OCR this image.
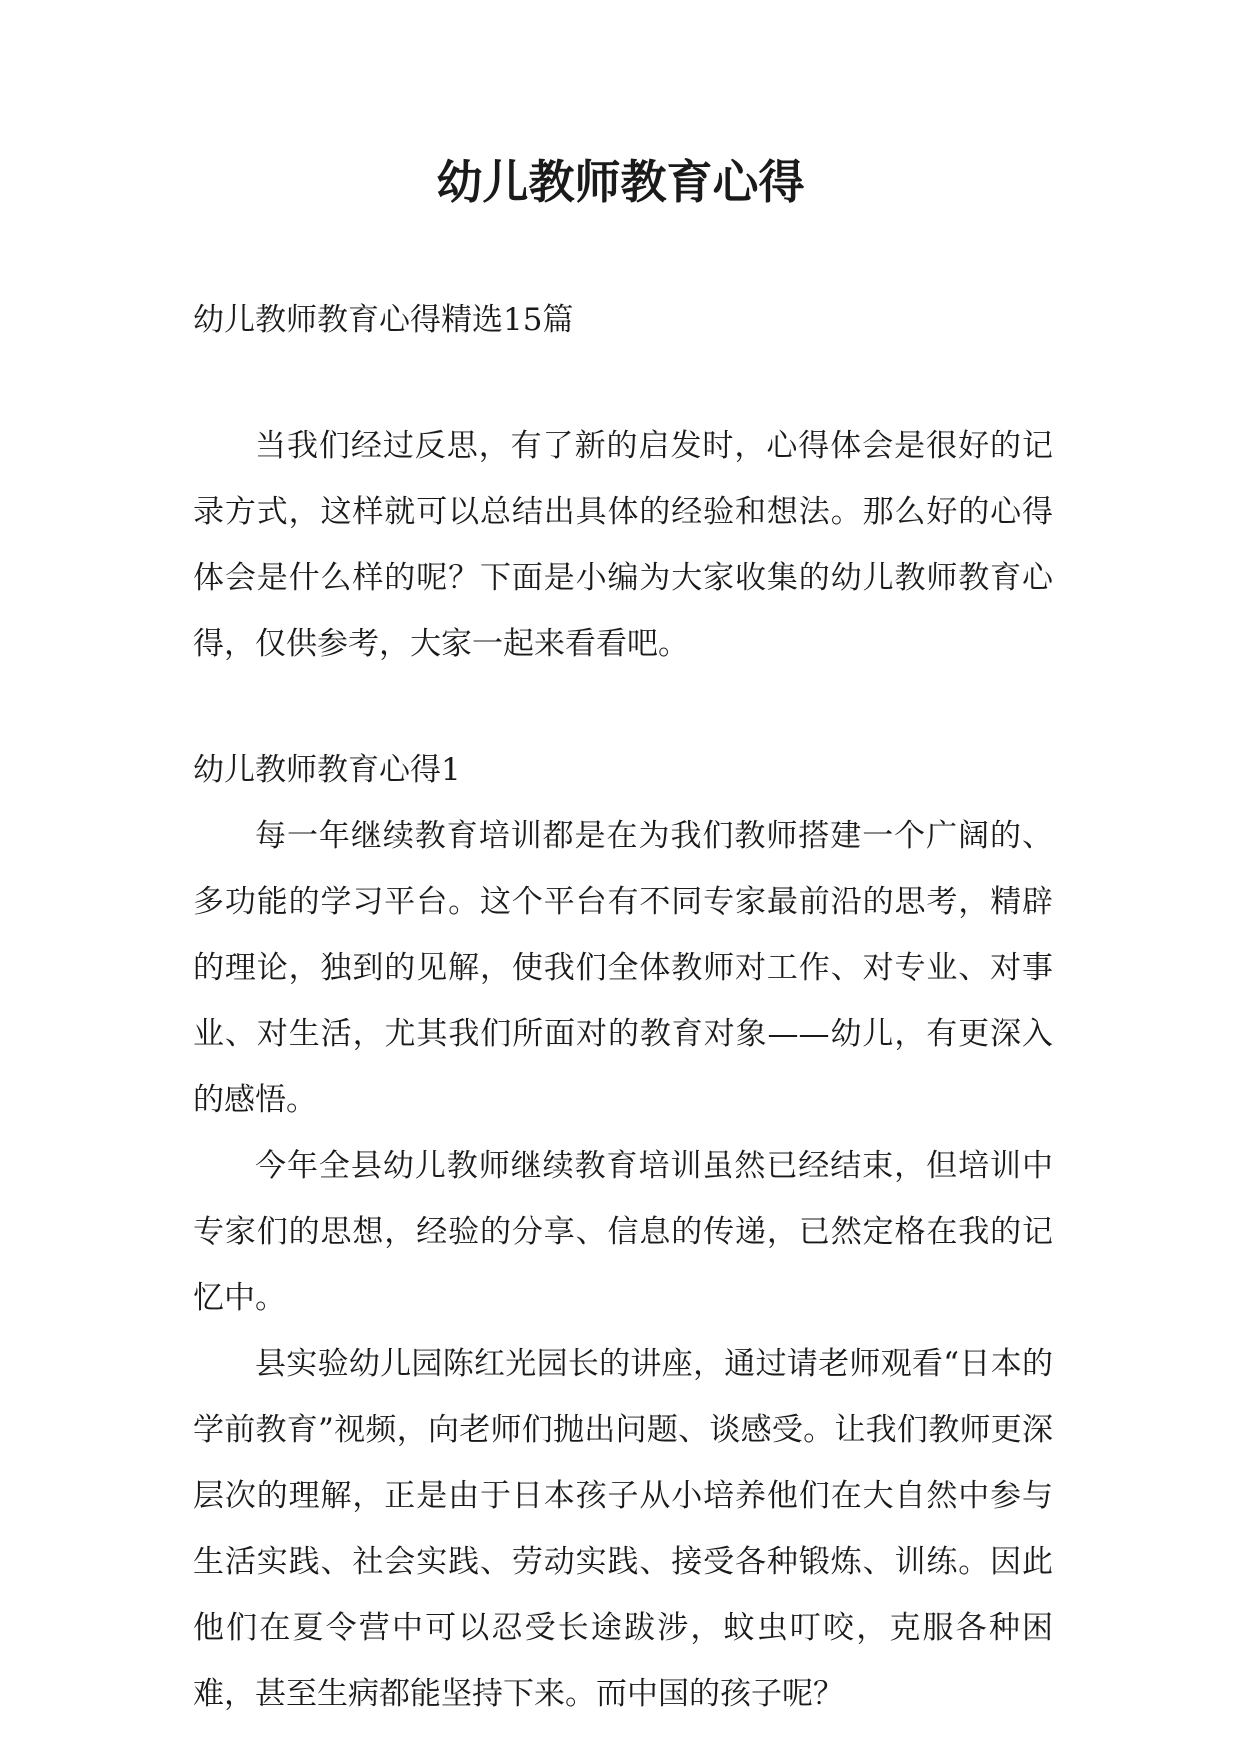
幼儿教师教育心得

幼儿教师教育心得精选15篇

当我们经过反思，有了新的启发时，心得体会是很好的记录方式，这样就可以总结出具体的经验和想法。那么好的心得体会是什么样的呢？下面是小编为大家收集的幼儿教师教育心得，仅供参考，大家一起来看看吧。

幼儿教师教育心得1

每一年继续教育培训都是在为我们教师搭建一个广阔的、多功能的学习平台。这个平台有不同专家最前沿的思考，精辟的理论，独到的见解，使我们全体教师对工作、对专业、对事业、对生活，尤其我们所面对的教育对象——幼儿，有更深入的感悟。

今年全县幼儿教师继续教育培训虽然已经结束，但培训中专家们的思想，经验的分享、信息的传递，已然定格在我的记忆中。

县实验幼儿园陈红光园长的讲座，通过请老师观看“日本的学前教育”视频，向老师们抛出问题、谈感受。让我们教师更深层次的理解，正是由于日本孩子从小培养他们在大自然中参与生活实践、社会实践、劳动实践、接受各种锻炼、训练。因此他们在夏令营中可以忍受长途跋涉，蚊虫叮咬，克服各种困难，甚至生病都能坚持下来。而中国的孩子呢？
